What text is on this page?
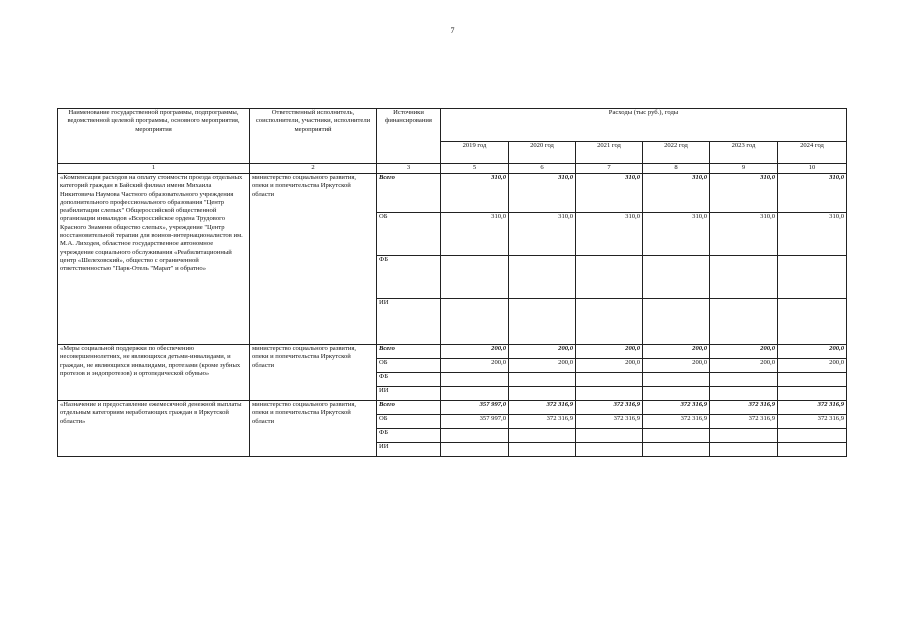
7
Наименование государственной программы, подпрограммы, ведомственной целевой программы, основного мероприятия, мероприятия	Ответственный исполнитель, соисполнители, участники, исполнители мероприятий	Источники финансирования	Расходы (тыс руб.), годы					
			2019 год	2020 год	2021 год	2022 год	2023 год	2024 год
1	2	3	5	6	7	8	9	10
«Компенсация расходов на оплату стоимости проезда отдельных категорий граждан в Байский филиал имени Михаила Никитовича Наумова Частного образовательного учреждения дополнительного профессионального образования "Центр реабилитации слепых" Общероссийской общественной организации инвалидов «Всероссийское ордена Трудового Красного Знамени общество слепых», учреждение "Центр восстановительной терапии для воинов-интернационалистов им. М.А. Лиходея, областное государственное автономное учреждение социального обслуживания «Реабилитационный центр «Шелеховский», обществo с ограниченной ответственностью "Парк-Отель "Марат" и обратно»	министерство социального развития, опеки и попечительства Иркутской области	Всего	310,0	310,0	310,0	310,0	310,0	310,0
		ОБ	310,0	310,0	310,0	310,0	310,0	310,0
		ФБ						
		ИИ						
«Меры социальной поддержки по обеспечению несовершеннолетних, не являющихся детьми-инвалидами, и граждан, не являющихся инвалидами, протезами (кроме зубных протезов и эндопротезов) и ортопедической обувью»	министерство социального развития, опеки и попечительства Иркутской области	Всего	200,0	200,0	200,0	200,0	200,0	200,0
		ОБ	200,0	200,0	200,0	200,0	200,0	200,0
		ФБ						
		ИИ						
«Назначение и предоставление ежемесячной денежной выплаты отдельным категориям неработающих граждан в Иркутской области»	министерство социального развития, опеки и попечительства Иркутской области	Всего	357 997,0	372 316,9	372 316,9	372 316,9	372 316,9	372 316,9
		ОБ	357 997,0	372 316,9	372 316,9	372 316,9	372 316,9	372 316,9
		ФБ						
		ИИ						
